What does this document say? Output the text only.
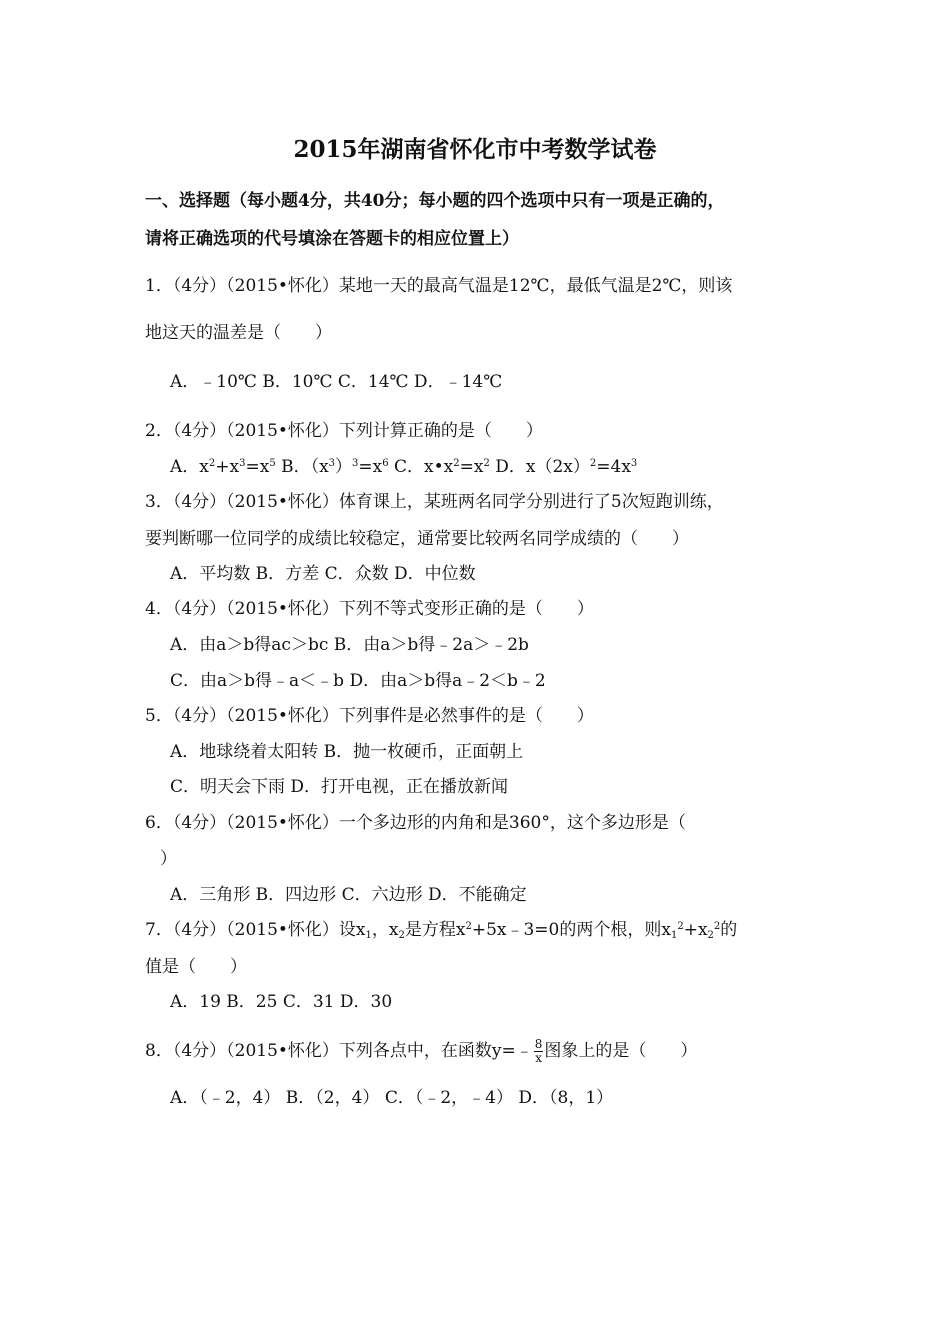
2015年湖南省怀化市中考数学试卷
一、选择题（每小题4分，共40分；每小题的四个选项中只有一项是正确的，
请将正确选项的代号填涂在答题卡的相应位置上）
1．（4分）（2015•怀化）某地一天的最高气温是12℃，最低气温是2℃，则该
地这天的温差是（　　）
A．﹣10℃ B．10℃ C．14℃ D．﹣14℃
2．（4分）（2015•怀化）下列计算正确的是（　　）
A．$x^2+x^3=x^5$ B．$(x^3)^3=x^6$ C．$x•x^2=x^2$ D．$x(2x)^2=4x^3$
3．（4分）（2015•怀化）体育课上，某班两名同学分别进行了5次短跑训练，
要判断哪一位同学的成绩比较稳定，通常要比较两名同学成绩的（　　）
A．平均数 B．方差 C．众数 D．中位数
4．（4分）（2015•怀化）下列不等式变形正确的是（　　）
A．由a＞b得ac＞bc B．由a＞b得﹣2a＞﹣2b
C．由a＞b得﹣a＜﹣b D．由a＞b得a﹣2＜b﹣2
5．（4分）（2015•怀化）下列事件是必然事件的是（　　）
A．地球绕着太阳转 B．抛一枚硬币，正面朝上
C．明天会下雨 D．打开电视，正在播放新闻
6．（4分）（2015•怀化）一个多边形的内角和是360°，这个多边形是（
）
A．三角形 B．四边形 C．六边形 D．不能确定
7．（4分）（2015•怀化）设$x_1$，$x_2$是方程$x^2+5x﹣3=0$的两个根，则$x_1^2+x_2^2$的
值是（　　）
A．19 B．25 C．31 D．30
8．（4分）（2015•怀化）下列各点中，在函数y=﹣ $\frac{8}{x}$ 图象上的是（　　）
A．（﹣2，4） B．（2，4） C．（﹣2，﹣4） D．（8，1）
